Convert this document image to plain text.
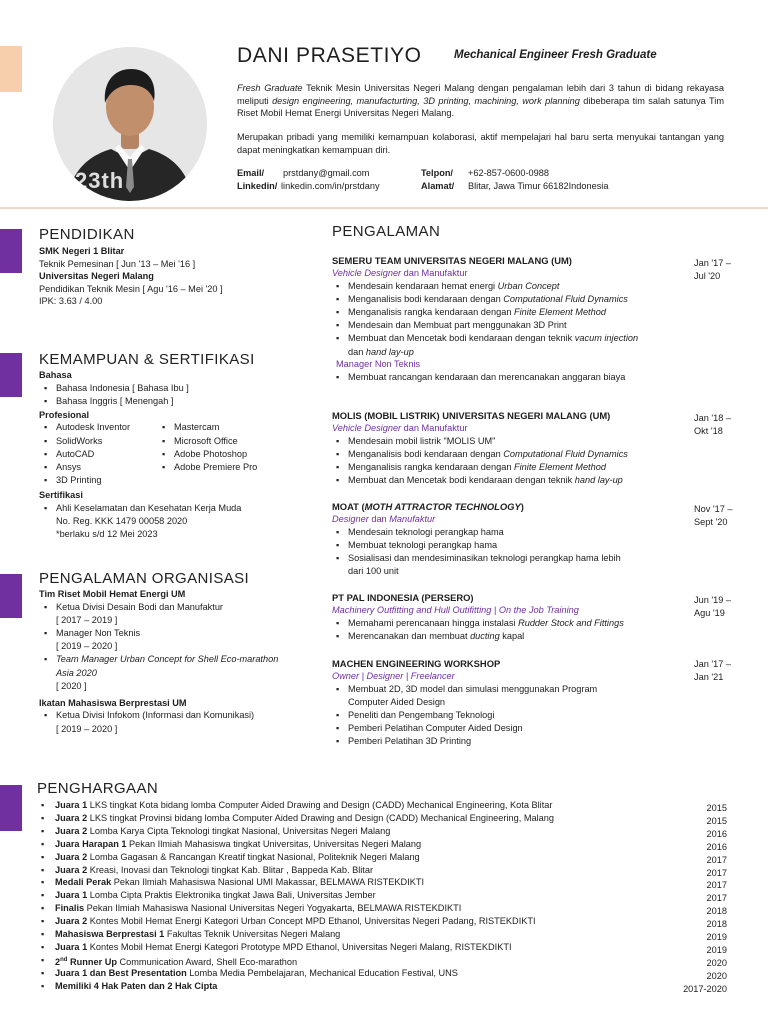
23th
DANI PRASETIYO	Mechanical Engineer Fresh Graduate
Fresh Graduate Teknik Mesin Universitas Negeri Malang dengan pengalaman lebih dari 3 tahun di bidang rekayasa meliputi design engineering, manufacturting, 3D printing, machining, work planning dibeberapa tim salah satunya Tim Riset Mobil Hemat Energi Universitas Negeri Malang.
Merupakan pribadi yang memiliki kemampuan kolaborasi, aktif mempelajari hal baru serta menyukai tantangan yang dapat meningkatkan kemampuan diri.
Email/ prstdany@gmail.com
Linkedin/ linkedin.com/in/prstdany
Telpon/ +62-857-0600-0988
Alamat/ Blitar, Jawa Timur 66182Indonesia
PENDIDIKAN
SMK Negeri 1 Blitar
Teknik Pemesinan [ Jun '13 – Mei '16 ]
Universitas Negeri Malang
Pendidikan Teknik Mesin [ Agu '16 – Mei '20 ]
IPK: 3.63 / 4.00
KEMAMPUAN & SERTIFIKASI
Bahasa
▪ Bahasa Indonesia [ Bahasa Ibu ]
▪ Bahasa Inggris [ Menengah ]
Profesional
▪ Autodesk Inventor
▪ SolidWorks
▪ AutoCAD
▪ Ansys
▪ 3D Printing
▪ Mastercam
▪ Microsoft Office
▪ Adobe Photoshop
▪ Adobe Premiere Pro
Sertifikasi
▪ Ahli Keselamatan dan Kesehatan Kerja Muda
No. Reg. KKK 1479 00058 2020
*berlaku s/d 12 Mei 2023
PENGALAMAN ORGANISASI
Tim Riset Mobil Hemat Energi UM
▪ Ketua Divisi Desain Bodi dan Manufaktur
[ 2017 – 2019 ]
▪ Manager Non Teknis
[ 2019 – 2020 ]
▪ Team Manager Urban Concept for Shell Eco-marathon Asia 2020
[ 2020 ]
Ikatan Mahasiswa Berprestasi UM
▪ Ketua Divisi Infokom (Informasi dan Komunikasi)
[ 2019 – 2020 ]
PENGALAMAN
SEMERU TEAM UNIVERSITAS NEGERI MALANG (UM)
Vehicle Designer dan Manufaktur
▪ Mendesain kendaraan hemat energi Urban Concept
▪ Menganalisis bodi kendaraan dengan Computational Fluid Dynamics
▪ Menganalisis rangka kendaraan dengan Finite Element Method
▪ Mendesain dan Membuat part menggunakan 3D Print
▪ Membuat dan Mencetak bodi kendaraan dengan teknik vacum injection
dan hand lay-up
Manager Non Teknis
▪ Membuat rancangan kendaraan dan merencanakan anggaran biaya
Jan '17 –
Jul '20
MOLIS (MOBIL LISTRIK) UNIVERSITAS NEGERI MALANG (UM)
Vehicle Designer dan Manufaktur
▪ Mendesain mobil listrik "MOLIS UM"
▪ Menganalisis bodi kendaraan dengan Computational Fluid Dynamics
▪ Menganalisis rangka kendaraan dengan Finite Element Method
▪ Membuat dan Mencetak bodi kendaraan dengan teknik hand lay-up
Jan '18 –
Okt '18
MOAT (MOTH ATTRACTOR TECHNOLOGY)
Designer dan Manufaktur
▪ Mendesain teknologi perangkap hama
▪ Membuat teknologi perangkap hama
▪ Sosialisasi dan mendesiminasikan teknologi perangkap hama lebih dari 100 unit
Nov '17 –
Sept '20
PT PAL INDONESIA (PERSERO)
Machinery Outfitting and Hull Outifitting | On the Job Training
▪ Memahami perencanaan hingga instalasi Rudder Stock and Fittings
▪ Merencanakan dan membuat ducting kapal
Jun '19 –
Agu '19
MACHEN ENGINEERING WORKSHOP
Owner | Designer | Freelancer
▪ Membuat 2D, 3D model dan simulasi menggunakan Program Computer Aided Design
▪ Peneliti dan Pengembang Teknologi
▪ Pemberi Pelatihan Computer Aided Design
▪ Pemberi Pelatihan 3D Printing
Jan '17 –
Jan '21
PENGHARGAAN
▪ Juara 1 LKS tingkat Kota bidang lomba Computer Aided Drawing and Design (CADD) Mechanical Engineering, Kota Blitar	2015
▪ Juara 2 LKS tingkat Provinsi bidang lomba Computer Aided Drawing and Design (CADD) Mechanical Engineering, Malang	2015
▪ Juara 2 Lomba Karya Cipta Teknologi tingkat Nasional, Universitas Negeri Malang	2016
▪ Juara Harapan 1 Pekan Ilmiah Mahasiswa tingkat Universitas, Universitas Negeri Malang	2016
▪ Juara 2 Lomba Gagasan & Rancangan Kreatif tingkat Nasional, Politeknik Negeri Malang	2017
▪ Juara 2 Kreasi, Inovasi dan Teknologi tingkat Kab. Blitar , Bappeda Kab. Blitar	2017
▪ Medali Perak Pekan Ilmiah Mahasiswa Nasional UMI Makassar, BELMAWA RISTEKDIKTI	2017
▪ Juara 1 Lomba Cipta Praktis Elektronika tingkat Jawa Bali, Universitas Jember	2017
▪ Finalis Pekan Ilmiah Mahasiswa Nasional Universitas Negeri Yogyakarta, BELMAWA RISTEKDIKTI	2018
▪ Juara 2 Kontes Mobil Hemat Energi Kategori Urban Concept MPD Ethanol, Universitas Negeri Padang, RISTEKDIKTI	2018
▪ Mahasiswa Berprestasi 1 Fakultas Teknik Universitas Negeri Malang	2019
▪ Juara 1 Kontes Mobil Hemat Energi Kategori Prototype MPD Ethanol, Universitas Negeri Malang, RISTEKDIKTI	2019
▪ 2nd Runner Up Communication Award, Shell Eco-marathon	2020
▪ Juara 1 dan Best Presentation Lomba Media Pembelajaran, Mechanical Education Festival, UNS	2020
▪ Memiliki 4 Hak Paten dan 2 Hak Cipta	2017-2020
